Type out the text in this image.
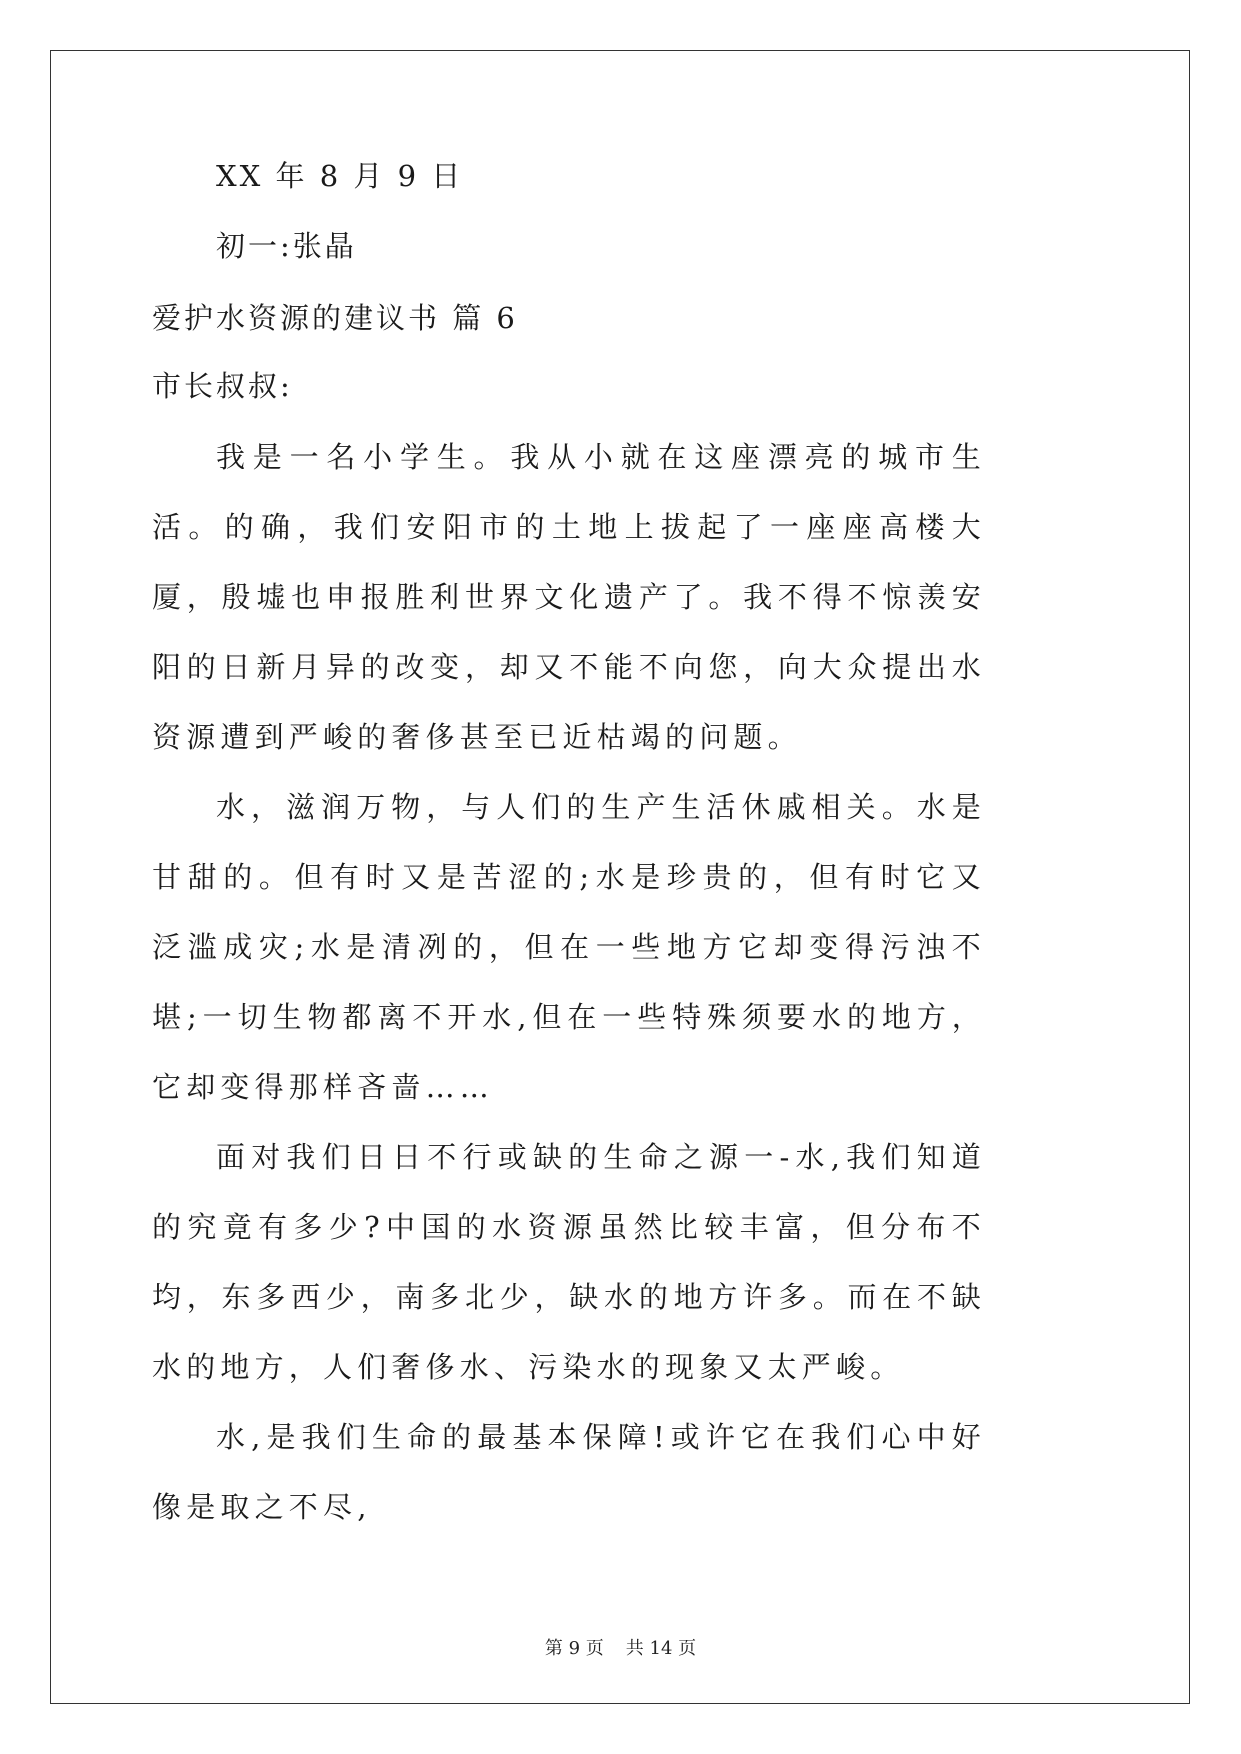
XX 年 8 月 9 日

初一:张晶

爱护水资源的建议书 篇 6

市长叔叔:

我是一名小学生。我从小就在这座漂亮的城市生活。的确，我们安阳市的土地上拔起了一座座高楼大厦，殷墟也申报胜利世界文化遗产了。我不得不惊羡安阳的日新月异的改变，却又不能不向您，向大众提出水资源遭到严峻的奢侈甚至已近枯竭的问题。

水，滋润万物，与人们的生产生活休戚相关。水是甘甜的。但有时又是苦涩的;水是珍贵的，但有时它又泛滥成灾;水是清冽的，但在一些地方它却变得污浊不堪;一切生物都离不开水,但在一些特殊须要水的地方，它却变得那样吝啬……

面对我们日日不行或缺的生命之源一-水,我们知道的究竟有多少?中国的水资源虽然比较丰富，但分布不均，东多西少，南多北少，缺水的地方许多。而在不缺水的地方，人们奢侈水、污染水的现象又太严峻。

水,是我们生命的最基本保障!或许它在我们心中好像是取之不尽,

第 9 页 共 14 页
